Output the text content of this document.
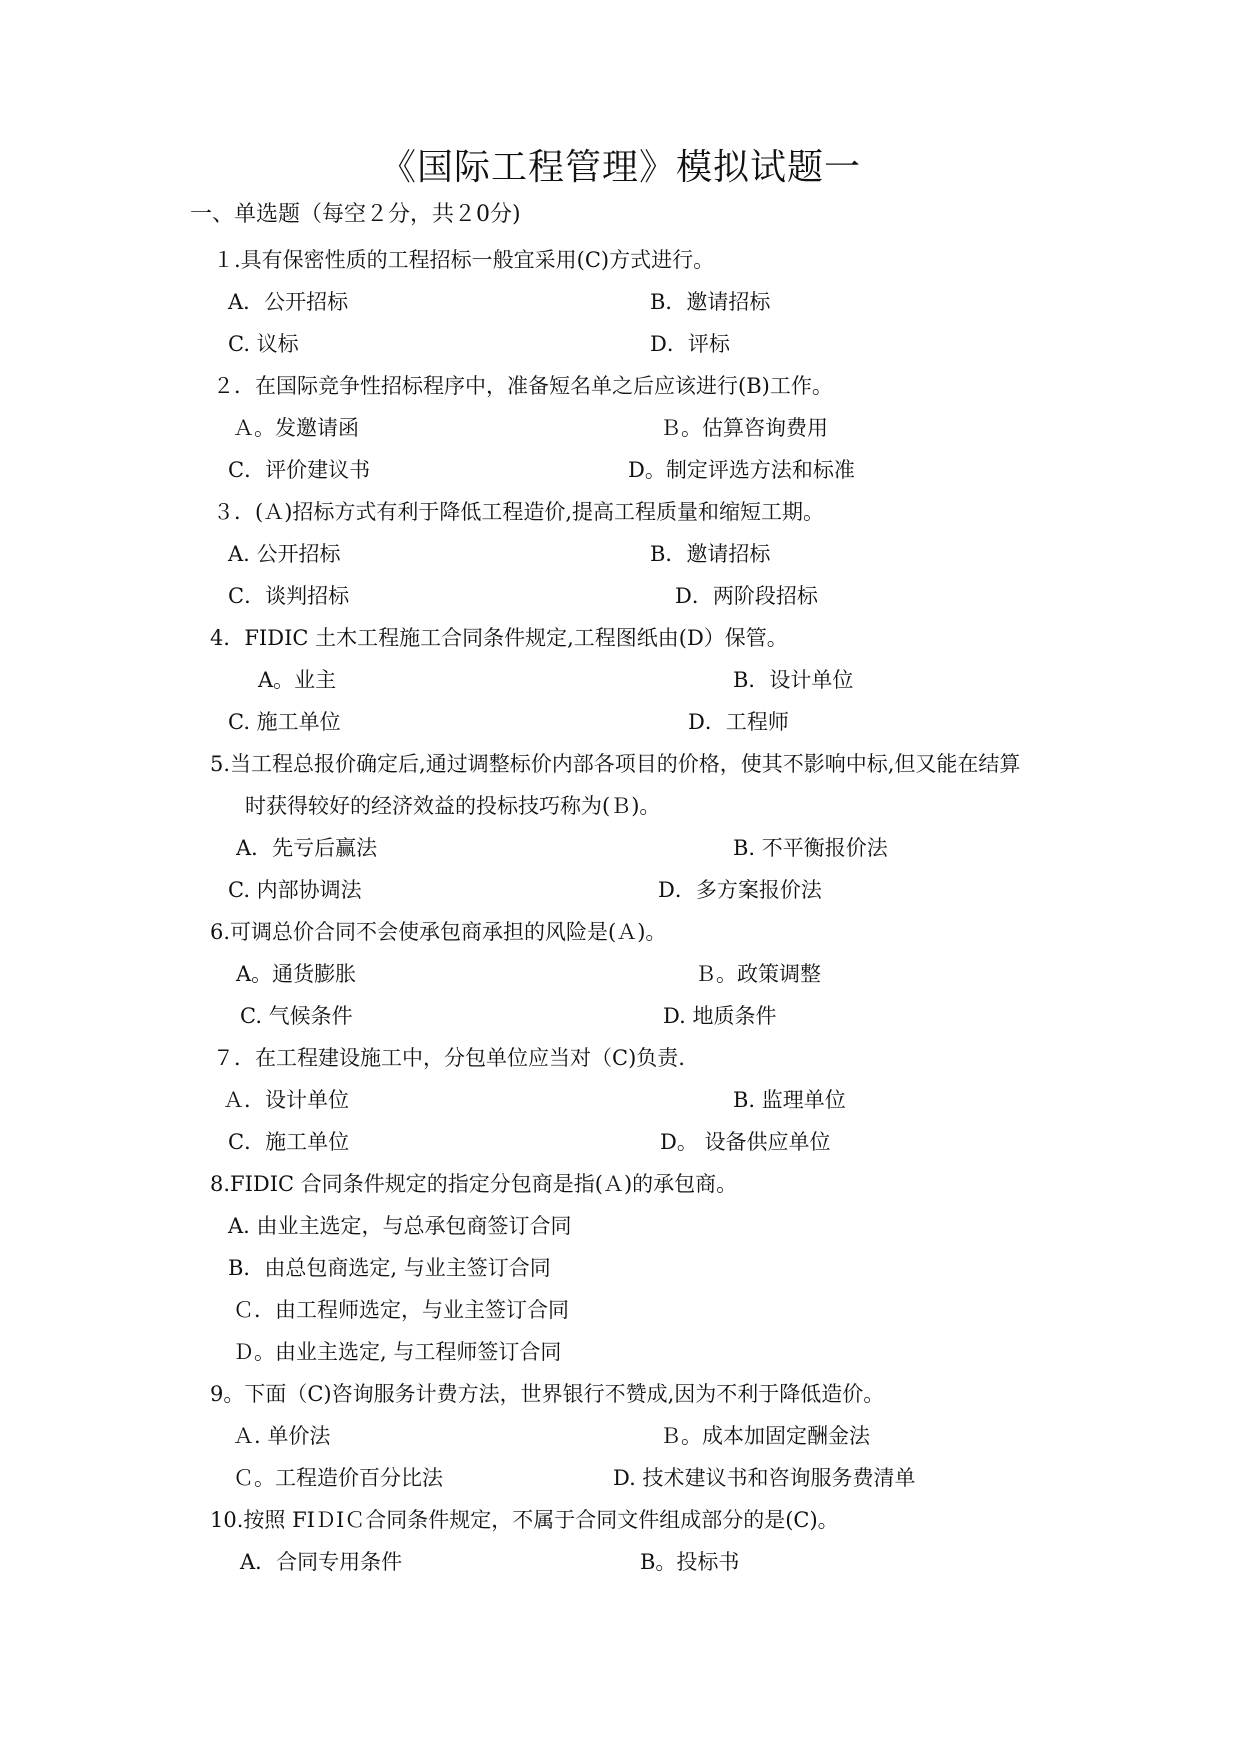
《国际工程管理》模拟试题一
一、单选题（每空２分，共２0分)
１.具有保密性质的工程招标一般宜采用(C)方式进行。
A．公开招标	B．邀请招标
C. 议标	D．评标
２．在国际竞争性招标程序中，准备短名单之后应该进行(B)工作。
Ａ。发邀请函	Ｂ。估算咨询费用
C．评价建议书	D。制定评选方法和标准
３．(Ａ)招标方式有利于降低工程造价,提高工程质量和缩短工期。
A. 公开招标	B．邀请招标
C．谈判招标	D．两阶段招标
4．FIDIC 土木工程施工合同条件规定,工程图纸由(D）保管。
A。业主	B．设计单位
C. 施工单位	D．工程师
5.当工程总报价确定后,通过调整标价内部各项目的价格，使其不影响中标,但又能在结算
时获得较好的经济效益的投标技巧称为(Ｂ)。
A．先亏后赢法	B. 不平衡报价法
C. 内部协调法	D．多方案报价法
6.可调总价合同不会使承包商承担的风险是(Ａ)。
A。通货膨胀	Ｂ。政策调整
C. 气候条件	D. 地质条件
７．在工程建设施工中，分包单位应当对（C)负责.
Ａ．设计单位	B. 监理单位
C．施工单位	D。 设备供应单位
8.FIDIC 合同条件规定的指定分包商是指(Ａ)的承包商。
A. 由业主选定，与总承包商签订合同
B．由总包商选定, 与业主签订合同
Ｃ．由工程师选定，与业主签订合同
Ｄ。由业主选定, 与工程师签订合同
9。下面（C)咨询服务计费方法，世界银行不赞成,因为不利于降低造价。
Ａ. 单价法	Ｂ。成本加固定酬金法
Ｃ。工程造价百分比法	D. 技术建议书和咨询服务费清单
10.按照 FIＤIＣ合同条件规定，不属于合同文件组成部分的是(C)。
A．合同专用条件	B。投标书
